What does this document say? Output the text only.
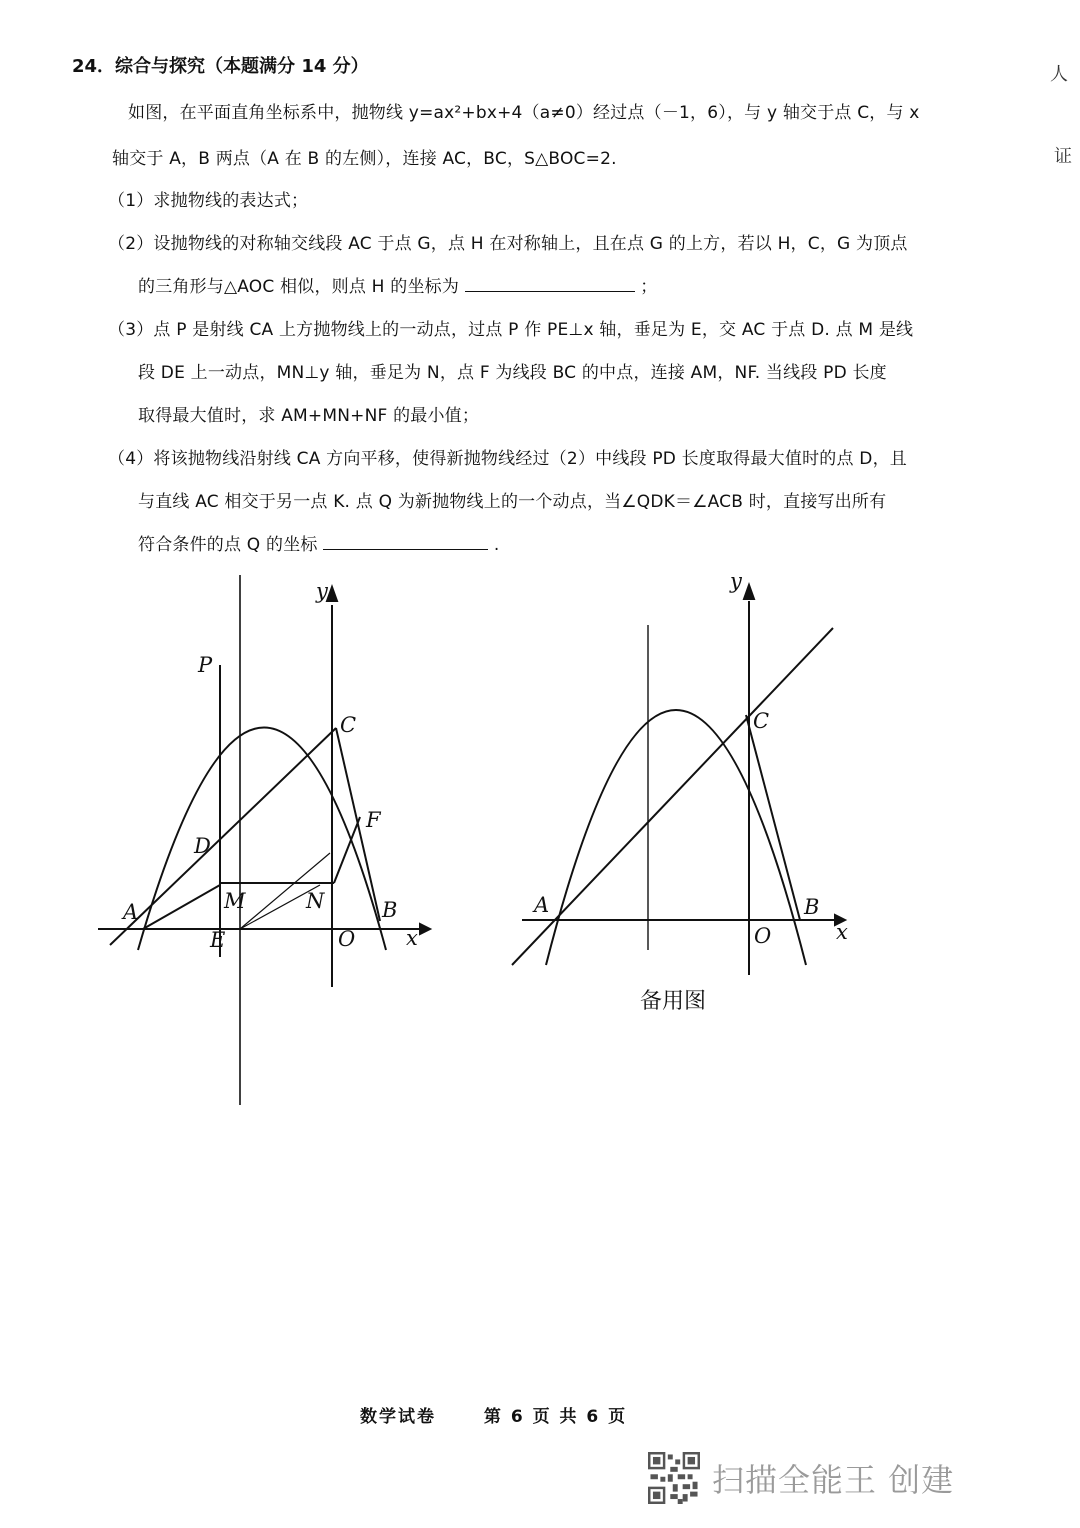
24．综合与探究（本题满分 14 分）
如图，在平面直角坐标系中，抛物线 y=ax²+bx+4（a≠0）经过点（－1，6），与 y 轴交于点 C，与 x
轴交于 A，B 两点（A 在 B 的左侧），连接 AC，BC，S△BOC=2.
（1）求抛物线的表达式；
（2）设抛物线的对称轴交线段 AC 于点 G，点 H 在对称轴上，且在点 G 的上方，若以 H，C，G 为顶点
的三角形与△AOC 相似，则点 H 的坐标为	；
（3）点 P 是射线 CA 上方抛物线上的一动点，过点 P 作 PE⊥x 轴，垂足为 E，交 AC 于点 D. 点 M 是线
段 DE 上一动点，MN⊥y 轴，垂足为 N，点 F 为线段 BC 的中点，连接 AM，NF. 当线段 PD 长度
取得最大值时，求 AM+MN+NF 的最小值；
（4）将该抛物线沿射线 CA 方向平移，使得新抛物线经过（2）中线段 PD 长度取得最大值时的点 D，且
与直线 AC 相交于另一点 K. 点 Q 为新抛物线上的一个动点，当∠QDK＝∠ACB 时，直接写出所有
符合条件的点 Q 的坐标	.
人
证
P
C
F
D
M	N
A	B
E	O x
y
C
A	B
O	x
y
备用图
数学试卷	第 6 页 共 6 页
扫描全能王 创建
